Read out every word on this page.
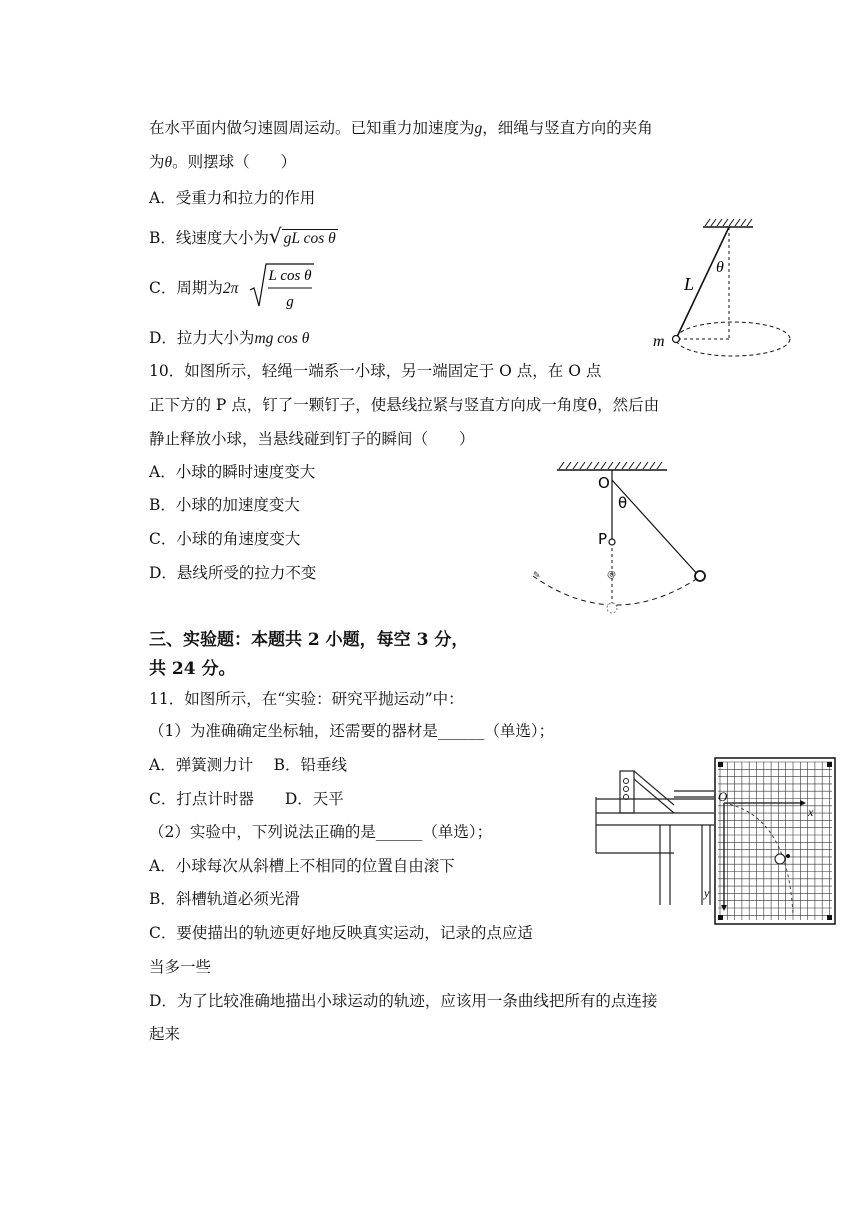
在水平面内做匀速圆周运动。已知重力加速度为g，细绳与竖直方向的夹角
为θ。则摆球（　　）
A．受重力和拉力的作用
B．线速度大小为√ gL cos θ
C．周期为2π
L cos θ
g
D．拉力大小为mg cos θ
θ
L
m
10．如图所示，轻绳一端系一小球，另一端固定于 O 点，在 O 点
正下方的 P 点，钉了一颗钉子，使悬线拉紧与竖直方向成一角度θ，然后由
静止释放小球，当悬线碰到钉子的瞬间（　　）
A．小球的瞬时速度变大
B．小球的加速度变大
C．小球的角速度变大
D．悬线所受的拉力不变	@
✎
O
θ
P
三、实验题：本题共 2 小题，每空 3 分，
共 24 分。
11．如图所示，在“实验：研究平抛运动”中：
（1）为准确确定坐标轴，还需要的器材是______（单选）；
A．弹簧测力计　 B．铅垂线
C．打点计时器　　D．天平
（2）实验中，下列说法正确的是______（单选）；
A．小球每次从斜槽上不相同的位置自由滚下
B．斜槽轨道必须光滑
C．要使描出的轨迹更好地反映真实运动，记录的点应适
当多一些
D．为了比较准确地描出小球运动的轨迹，应该用一条曲线把所有的点连接
起来
O
x
y
